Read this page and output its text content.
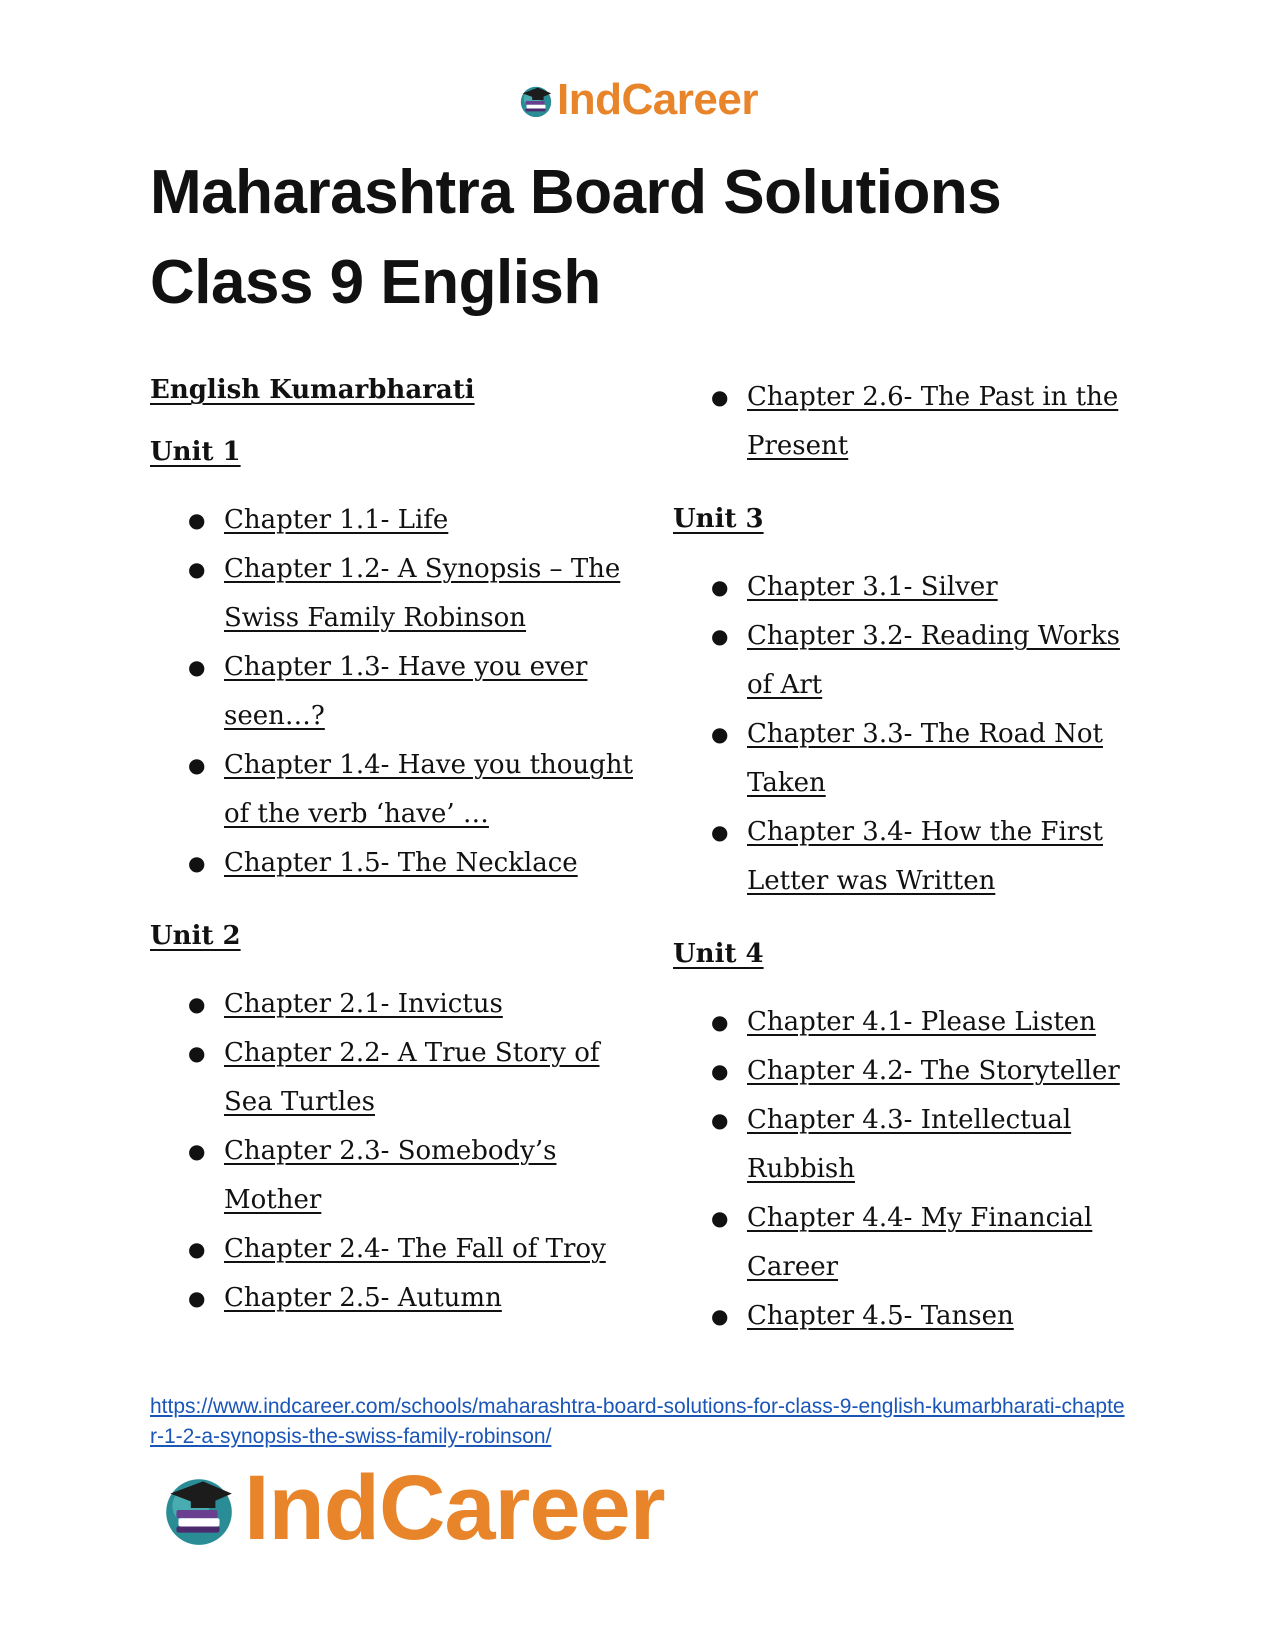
IndCareer
Maharashtra Board Solutions
Class 9 English

English Kumarbharati

Unit 1

● Chapter 1.1- Life
● Chapter 1.2- A Synopsis – The Swiss Family Robinson
● Chapter 1.3- Have you ever seen…?
● Chapter 1.4- Have you thought of the verb ‘have’ …
● Chapter 1.5- The Necklace

Unit 2

● Chapter 2.1- Invictus
● Chapter 2.2- A True Story of Sea Turtles
● Chapter 2.3- Somebody’s Mother
● Chapter 2.4- The Fall of Troy
● Chapter 2.5- Autumn
● Chapter 2.6- The Past in the Present

Unit 3

● Chapter 3.1- Silver
● Chapter 3.2- Reading Works of Art
● Chapter 3.3- The Road Not Taken
● Chapter 3.4- How the First Letter was Written

Unit 4

● Chapter 4.1- Please Listen
● Chapter 4.2- The Storyteller
● Chapter 4.3- Intellectual Rubbish
● Chapter 4.4- My Financial Career
● Chapter 4.5- Tansen
https://www.indcareer.com/schools/maharashtra-board-solutions-for-class-9-english-kumarbharati-chapter-1-2-a-synopsis-the-swiss-family-robinson/
IndCareer
